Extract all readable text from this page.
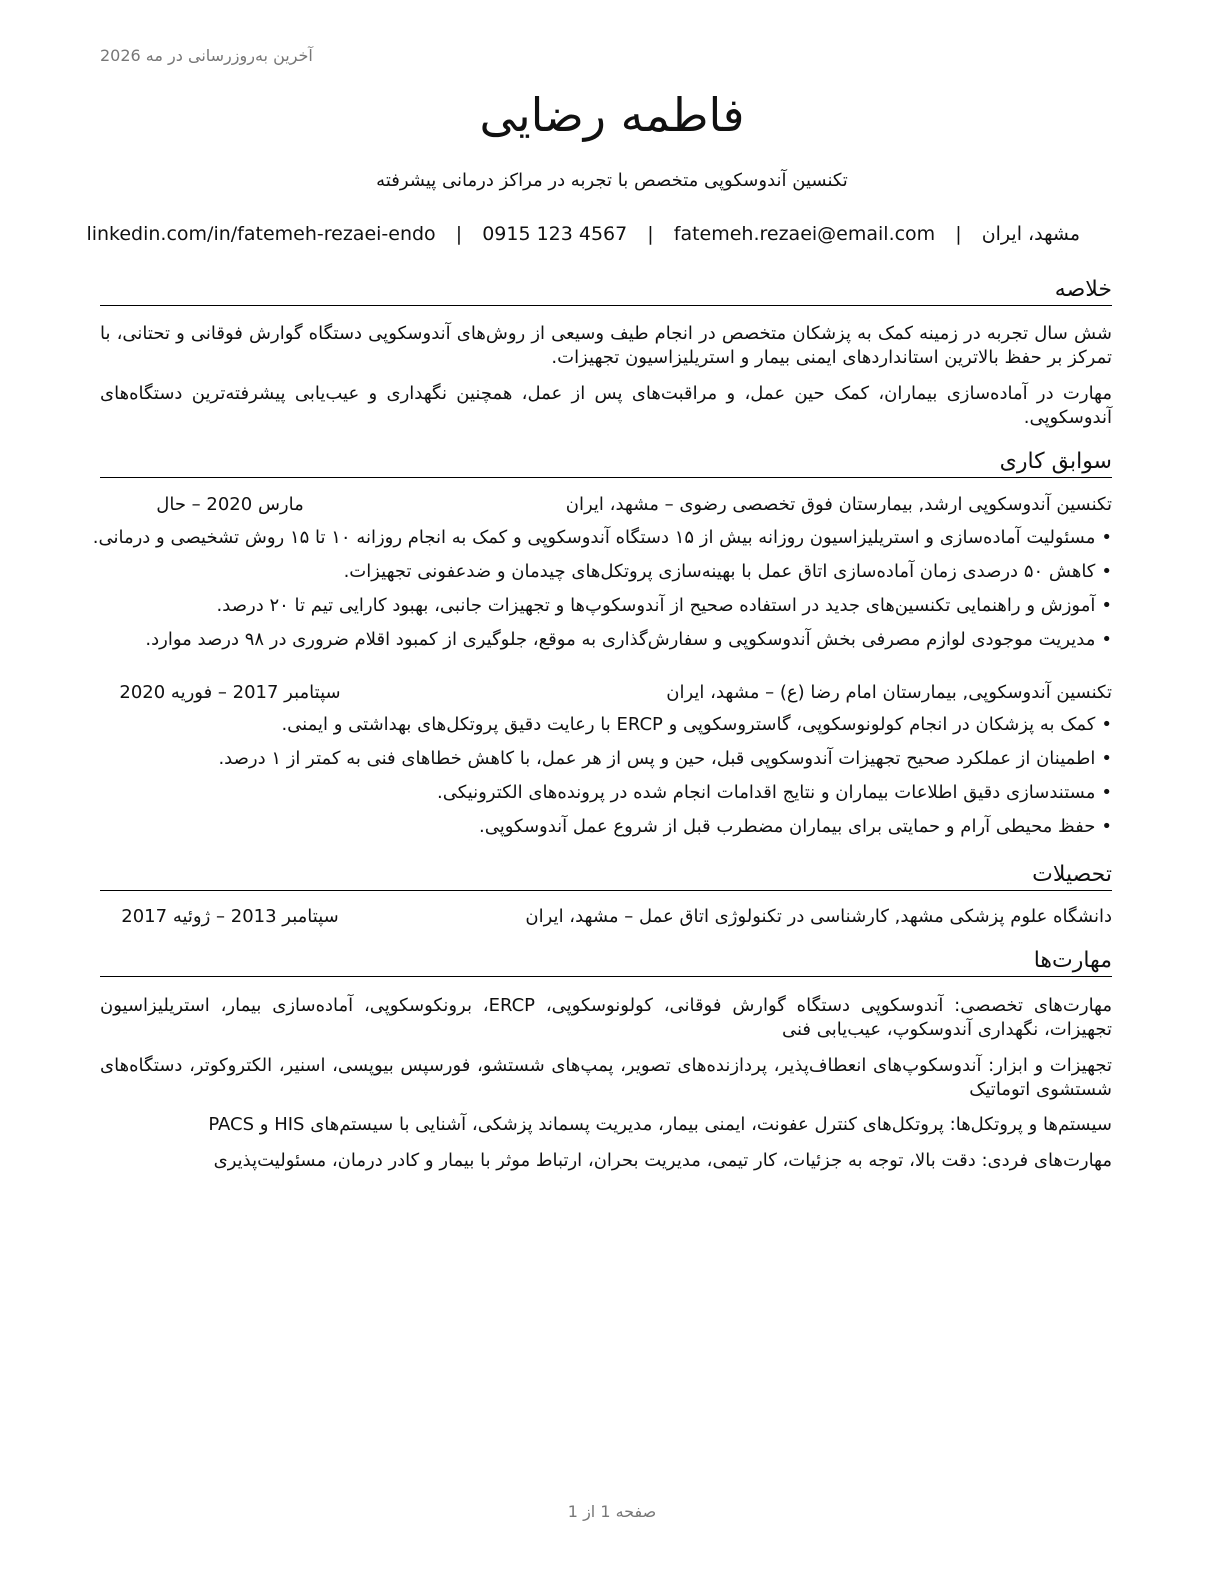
آخرین به‌روزرسانی در مه 2026
فاطمه رضایی
تکنسین آندوسکوپی متخصص با تجربه در مراکز درمانی پیشرفته
مشهد، ایران | fatemeh.rezaei@email.com | 0915 123 4567 | linkedin.com/in/fatemeh-rezaei-endo
خلاصه
شش سال تجربه در زمینه کمک به پزشکان متخصص در انجام طیف وسیعی از روش‌های آندوسکوپی دستگاه گوارش فوقانی و تحتانی، با تمرکز بر حفظ بالاترین استانداردهای ایمنی بیمار و استریلیزاسیون تجهیزات.
مهارت در آماده‌سازی بیماران، کمک حین عمل، و مراقبت‌های پس از عمل، همچنین نگهداری و عیب‌یابی پیشرفته‌ترین دستگاه‌های آندوسکوپی.
سوابق کاری
تکنسین آندوسکوپی ارشد, بیمارستان فوق تخصصی رضوی – مشهد، ایران
مارس 2020 – حال
• مسئولیت آماده‌سازی و استریلیزاسیون روزانه بیش از ۱۵ دستگاه آندوسکوپی و کمک به انجام روزانه ۱۰ تا ۱۵ روش تشخیصی و درمانی.
• کاهش ۵۰ درصدی زمان آماده‌سازی اتاق عمل با بهینه‌سازی پروتکل‌های چیدمان و ضدعفونی تجهیزات.
• آموزش و راهنمایی تکنسین‌های جدید در استفاده صحیح از آندوسکوپ‌ها و تجهیزات جانبی، بهبود کارایی تیم تا ۲۰ درصد.
• مدیریت موجودی لوازم مصرفی بخش آندوسکوپی و سفارش‌گذاری به موقع، جلوگیری از کمبود اقلام ضروری در ۹۸ درصد موارد.
تکنسین آندوسکوپی, بیمارستان امام رضا (ع) – مشهد، ایران
سپتامبر 2017 – فوریه 2020
• کمک به پزشکان در انجام کولونوسکوپی، گاستروسکوپی و ERCP با رعایت دقیق پروتکل‌های بهداشتی و ایمنی.
• اطمینان از عملکرد صحیح تجهیزات آندوسکوپی قبل، حین و پس از هر عمل، با کاهش خطاهای فنی به کمتر از ۱ درصد.
• مستندسازی دقیق اطلاعات بیماران و نتایج اقدامات انجام شده در پرونده‌های الکترونیکی.
• حفظ محیطی آرام و حمایتی برای بیماران مضطرب قبل از شروع عمل آندوسکوپی.
تحصیلات
دانشگاه علوم پزشکی مشهد, کارشناسی در تکنولوژی اتاق عمل – مشهد، ایران
سپتامبر 2013 – ژوئیه 2017
مهارت‌ها
مهارت‌های تخصصی: آندوسکوپی دستگاه گوارش فوقانی، کولونوسکوپی، ERCP، برونکوسکوپی، آماده‌سازی بیمار، استریلیزاسیون تجهیزات، نگهداری آندوسکوپ، عیب‌یابی فنی
تجهیزات و ابزار: آندوسکوپ‌های انعطاف‌پذیر، پردازنده‌های تصویر، پمپ‌های شستشو، فورسپس بیوپسی، اسنیر، الکتروکوتر، دستگاه‌های شستشوی اتوماتیک
سیستم‌ها و پروتکل‌ها: پروتکل‌های کنترل عفونت، ایمنی بیمار، مدیریت پسماند پزشکی، آشنایی با سیستم‌های HIS و PACS
مهارت‌های فردی: دقت بالا، توجه به جزئیات، کار تیمی، مدیریت بحران، ارتباط موثر با بیمار و کادر درمان، مسئولیت‌پذیری
صفحه 1 از 1
